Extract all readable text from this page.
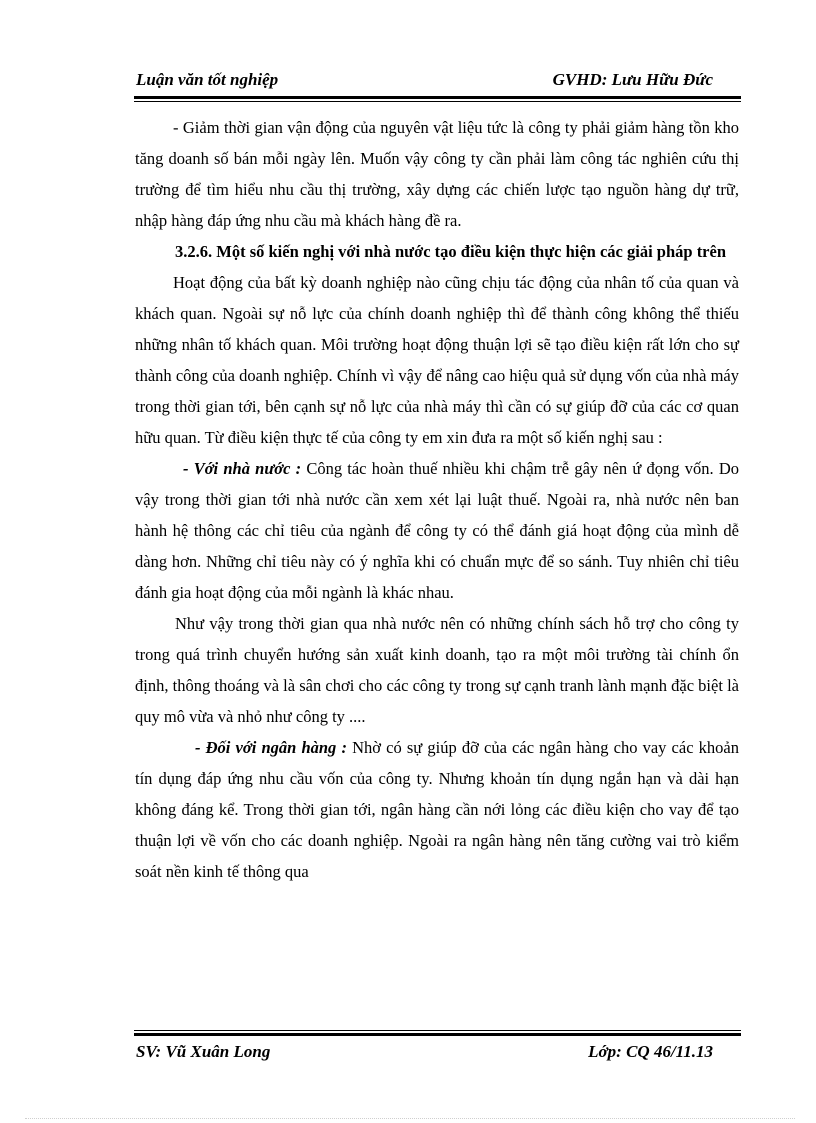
Luận văn tốt nghiệp	GVHD: Lưu Hữu Đức

- Giảm thời gian vận động của nguyên vật liệu tức là công ty phải giảm hàng tồn kho tăng doanh số bán mỗi ngày lên. Muốn vậy công ty cần phải làm công tác nghiên cứu thị trường để tìm hiểu nhu cầu thị trường, xây dựng các chiến lược tạo nguồn hàng dự trữ, nhập hàng đáp ứng nhu cầu mà khách hàng đề ra.

3.2.6. Một số kiến nghị với nhà nước tạo điều kiện thực hiện các giải pháp trên

Hoạt động của bất kỳ doanh nghiệp nào cũng chịu tác động của nhân tố của quan và khách quan. Ngoài sự nỗ lực của chính doanh nghiệp thì để thành công không thể thiếu những nhân tố khách quan. Môi trường hoạt động thuận lợi sẽ tạo điều kiện rất lớn cho sự thành công của doanh nghiệp. Chính vì vậy để nâng cao hiệu quả sử dụng vốn của nhà máy trong thời gian tới, bên cạnh sự nỗ lực của nhà máy thì cần có sự giúp đỡ của các cơ quan hữu quan. Từ điều kiện thực tế của công ty em xin đưa ra một số kiến nghị sau :

- Với nhà nước : Công tác hoàn thuế nhiều khi chậm trễ gây nên ứ đọng vốn. Do vậy trong thời gian tới nhà nước cần xem xét lại luật thuế. Ngoài ra, nhà nước nên ban hành hệ thông các chỉ tiêu của ngành để công ty có thể đánh giá hoạt động của mình dễ dàng hơn. Những chỉ tiêu này có ý nghĩa khi có chuẩn mực để so sánh. Tuy nhiên chỉ tiêu đánh gia hoạt động của mỗi ngành là khác nhau.

Như vậy trong thời gian qua nhà nước nên có những chính sách hỗ trợ cho công ty trong quá trình chuyển hướng sản xuất kinh doanh, tạo ra một môi trường tài chính ổn định, thông thoáng và là sân chơi cho các công ty trong sự cạnh tranh lành mạnh đặc biệt là quy mô vừa và nhỏ như công ty ....

- Đối với ngân hàng : Nhờ có sự giúp đỡ của các ngân hàng cho vay các khoản tín dụng đáp ứng nhu cầu vốn của công ty. Nhưng khoản tín dụng ngắn hạn và dài hạn không đáng kể. Trong thời gian tới, ngân hàng cần nới lỏng các điều kiện cho vay để tạo thuận lợi về vốn cho các doanh nghiệp. Ngoài ra ngân hàng nên tăng cường vai trò kiểm soát nền kinh tế thông qua

SV: Vũ Xuân Long	Lớp: CQ 46/11.13
